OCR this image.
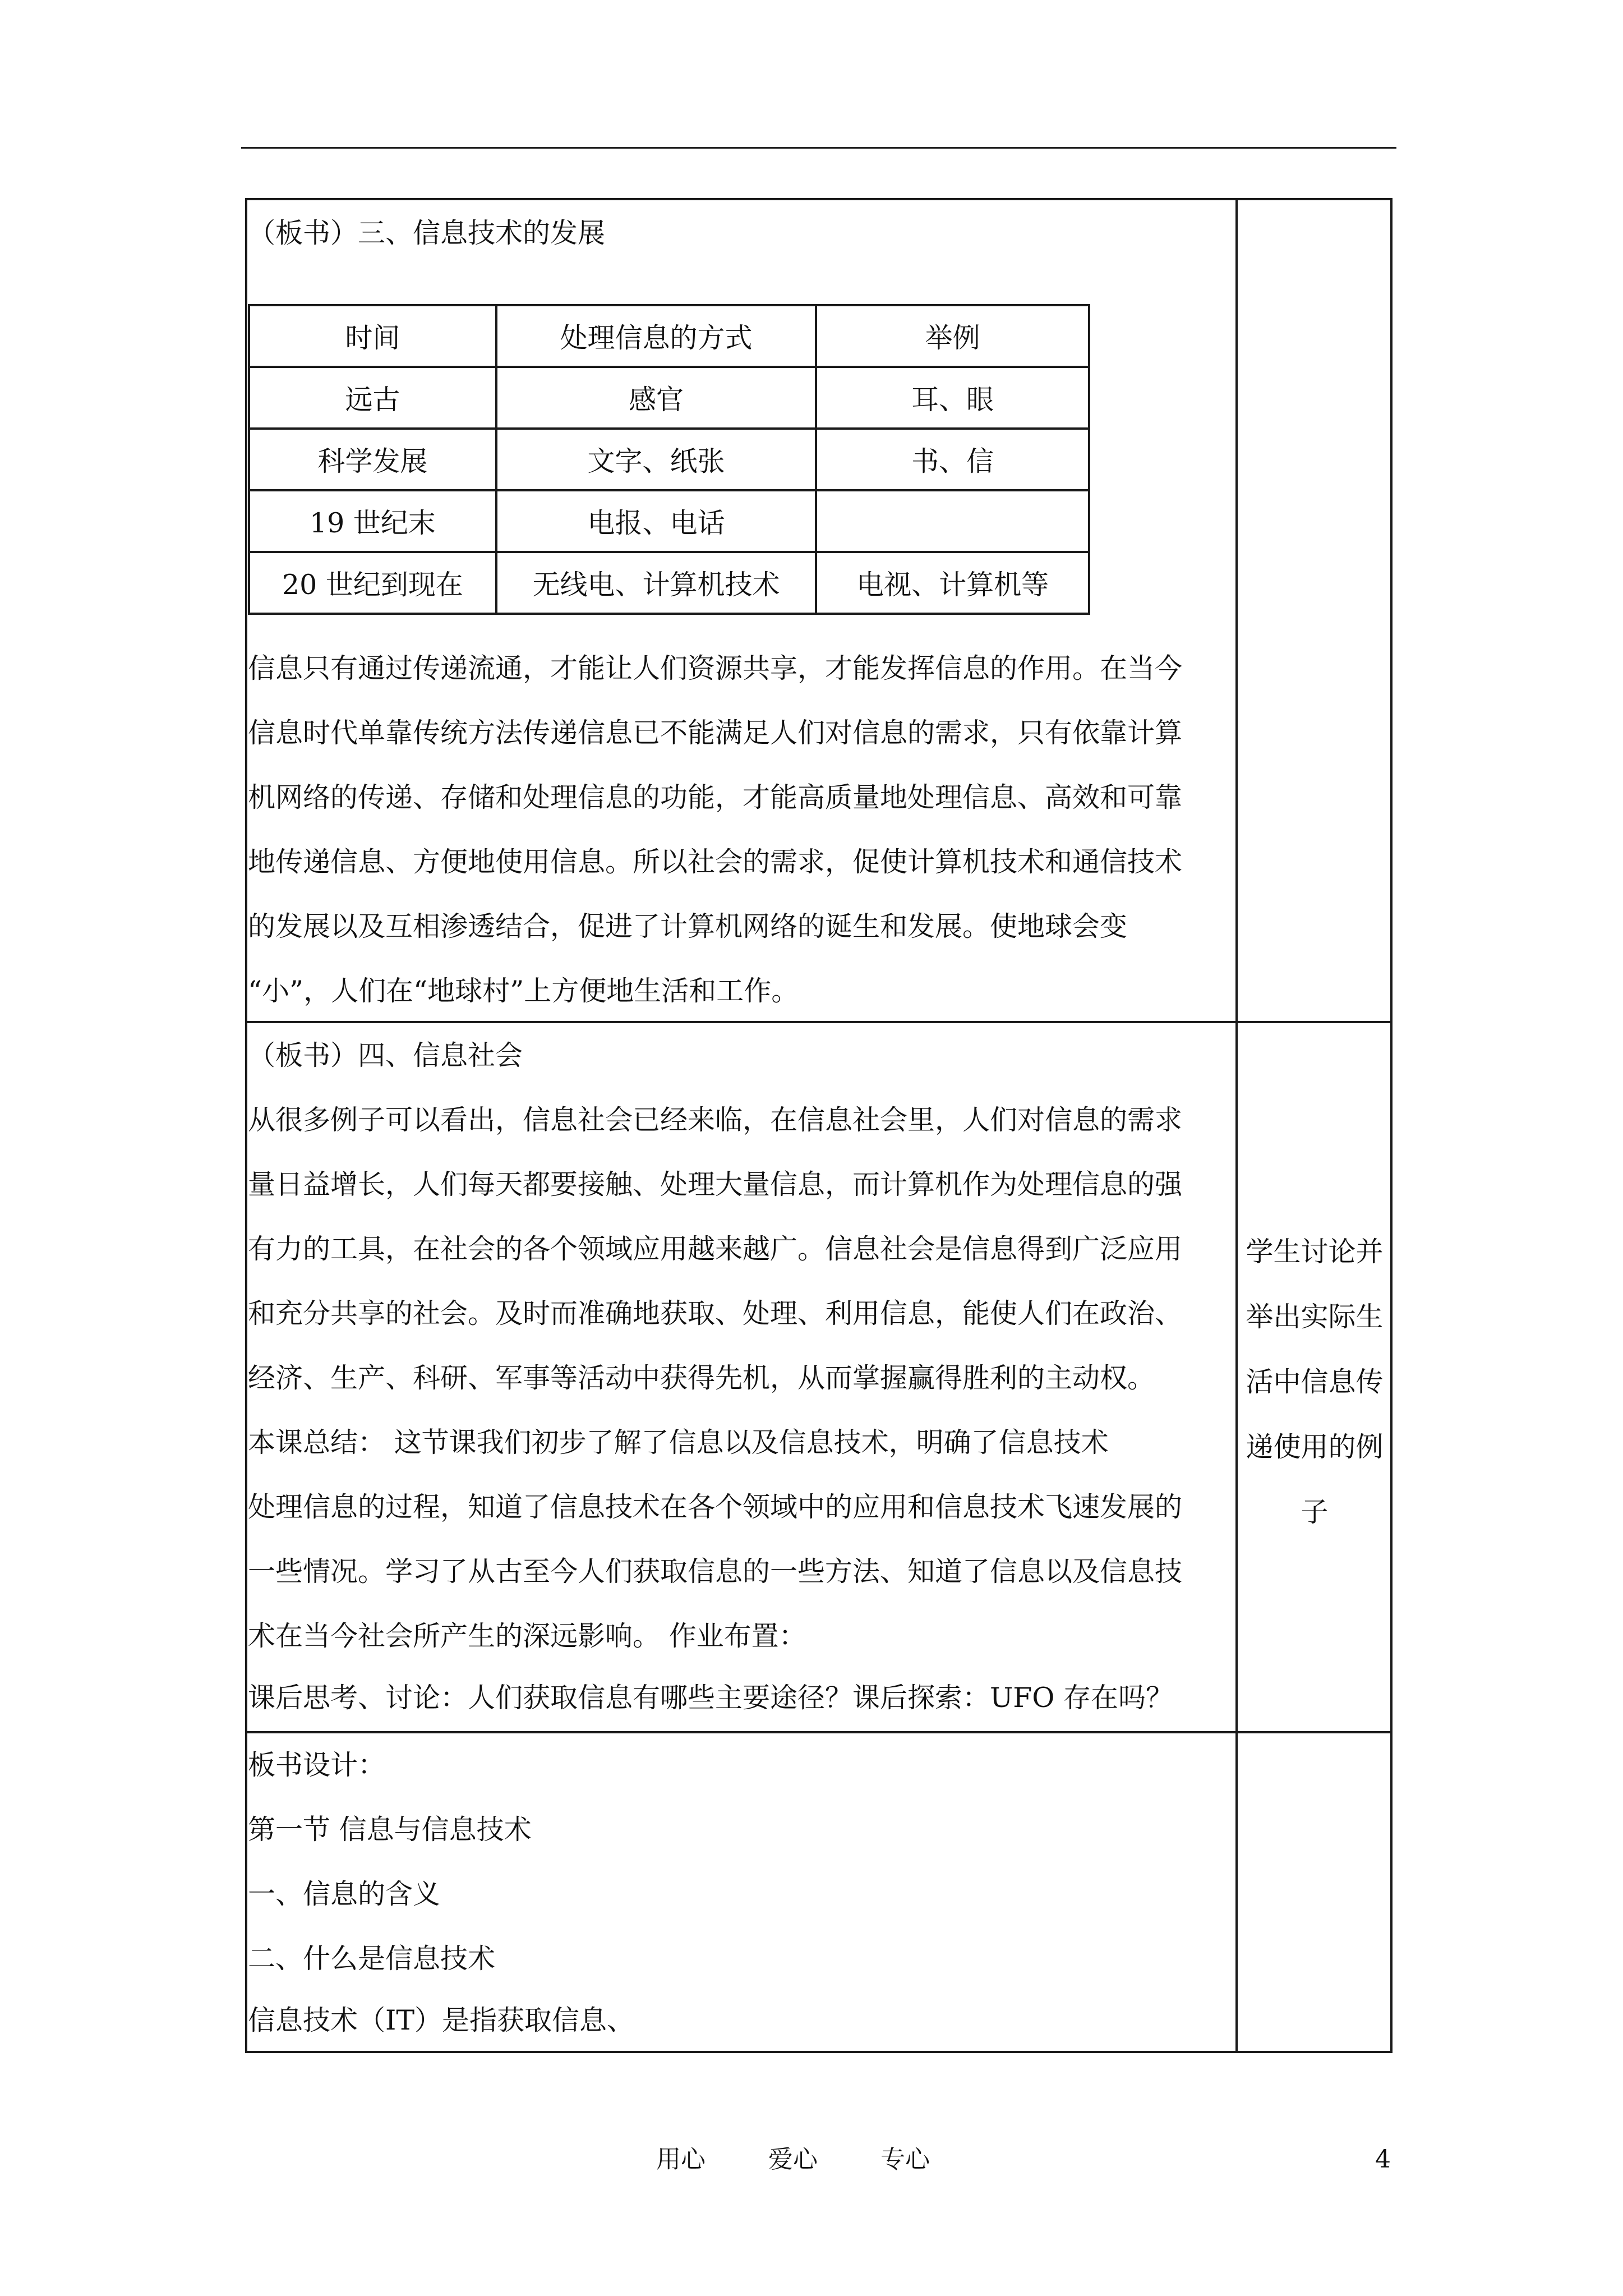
（板书）三、信息技术的发展
时间	处理信息的方式	举例
远古	感官	耳、眼
科学发展	文字、纸张	书、信
19 世纪末	电报、电话	
20 世纪到现在	无线电、计算机技术	电视、计算机等
信息只有通过传递流通，才能让人们资源共享，才能发挥信息的作用。在当今
信息时代单靠传统方法传递信息已不能满足人们对信息的需求，只有依靠计算
机网络的传递、存储和处理信息的功能，才能高质量地处理信息、高效和可靠
地传递信息、方便地使用信息。所以社会的需求，促使计算机技术和通信技术
的发展以及互相渗透结合，促进了计算机网络的诞生和发展。使地球会变
“小”，人们在“地球村”上方便地生活和工作。
（板书）四、信息社会
从很多例子可以看出，信息社会已经来临，在信息社会里，人们对信息的需求
量日益增长，人们每天都要接触、处理大量信息，而计算机作为处理信息的强
有力的工具，在社会的各个领域应用越来越广。信息社会是信息得到广泛应用
和充分共享的社会。及时而准确地获取、处理、利用信息，能使人们在政治、
经济、生产、科研、军事等活动中获得先机，从而掌握赢得胜利的主动权。
本课总结： 这节课我们初步了解了信息以及信息技术，明确了信息技术
处理信息的过程，知道了信息技术在各个领域中的应用和信息技术飞速发展的
一些情况。学习了从古至今人们获取信息的一些方法、知道了信息以及信息技
术在当今社会所产生的深远影响。 作业布置：
课后思考、讨论：人们获取信息有哪些主要途径？课后探索：UFO 存在吗？
学生讨论并
举出实际生
活中信息传
递使用的例
子
板书设计：
第一节 信息与信息技术
一、信息的含义
二、什么是信息技术
信息技术（IT）是指获取信息、
用心	爱心	专心	4
